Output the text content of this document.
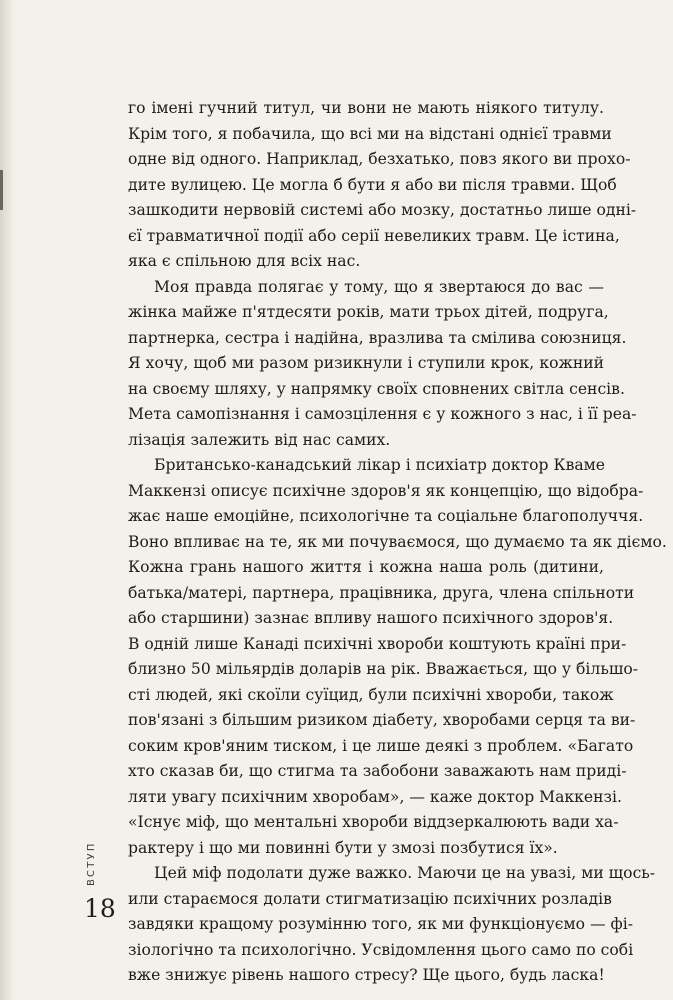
го імені гучний титул, чи вони не мають ніякого титулу.
Крім того, я побачила, що всі ми на відстані однієї травми
одне від одного. Наприклад, безхатько, повз якого ви прохо-
дите вулицею. Це могла б бути я або ви після травми. Щоб
зашкодити нервовій системі або мозку, достатньо лише одні-
єї травматичної події або серії невеликих травм. Це істина,
яка є спільною для всіх нас.
Моя правда полягає у тому, що я звертаюся до вас —
жінка майже п'ятдесяти років, мати трьох дітей, подруга,
партнерка, сестра і надійна, вразлива та смілива союзниця.
Я хочу, щоб ми разом ризикнули і ступили крок, кожний
на своєму шляху, у напрямку своїх сповнених світла сенсів.
Мета самопізнання і самозцілення є у кожного з нас, і її реа-
лізація залежить від нас самих.
Британсько-канадський лікар і психіатр доктор Кваме
Маккензі описує психічне здоров'я як концепцію, що відобра-
жає наше емоційне, психологічне та соціальне благополуччя.
Воно впливає на те, як ми почуваємося, що думаємо та як діємо.
Кожна грань нашого життя і кожна наша роль (дитини,
батька/матері, партнера, працівника, друга, члена спільноти
або старшини) зазнає впливу нашого психічного здоров'я.
В одній лише Канаді психічні хвороби коштують країні при-
близно 50 мільярдів доларів на рік. Вважається, що у більшо-
сті людей, які скоїли суїцид, були психічні хвороби, також
пов'язані з більшим ризиком діабету, хворобами серця та ви-
соким кров'яним тиском, і це лише деякі з проблем. «Багато
хто сказав би, що стигма та забобони заважають нам приді-
ляти увагу психічним хворобам», — каже доктор Маккензі.
«Існує міф, що ментальні хвороби віддзеркалюють вади ха-
рактеру і що ми повинні бути у змозі позбутися їх».
Цей міф подолати дуже важко. Маючи це на увазі, ми щось-
или стараємося долати стигматизацію психічних розладів
завдяки кращому розумінню того, як ми функціонуємо — фі-
зіологічно та психологічно. Усвідомлення цього само по собі
вже знижує рівень нашого стресу? Ще цього, будь ласка!
ВСТУП
18
